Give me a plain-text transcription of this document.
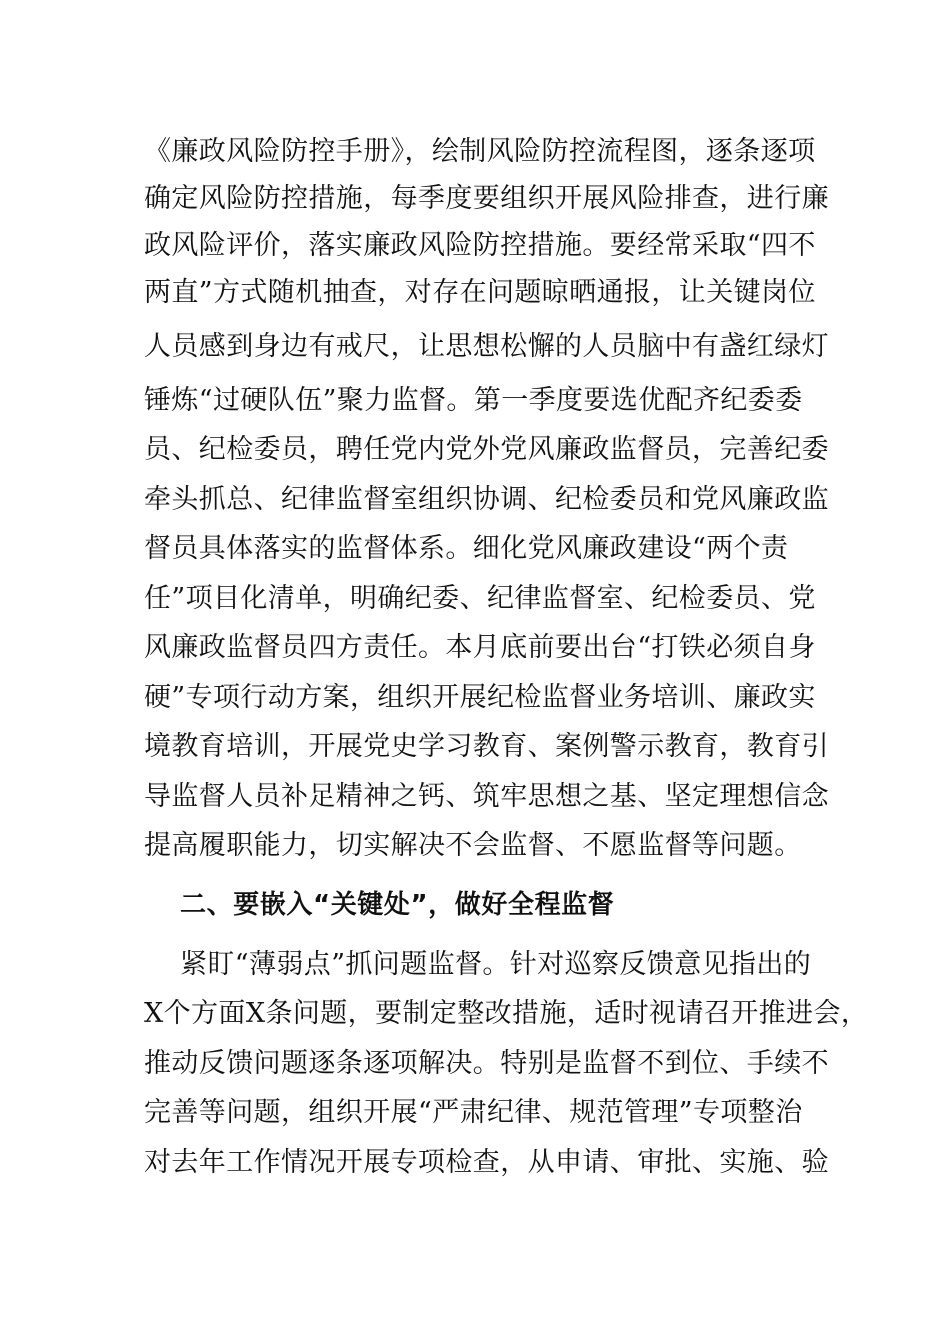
《廉政风险防控手册》，绘制风险防控流程图，逐条逐项
确定风险防控措施，每季度要组织开展风险排查，进行廉
政风险评价，落实廉政风险防控措施。要经常采取“四不
两直”方式随机抽查，对存在问题晾晒通报，让关键岗位
人员感到身边有戒尺，让思想松懈的人员脑中有盏红绿灯
锤炼“过硬队伍”聚力监督。第一季度要选优配齐纪委委
员、纪检委员，聘任党内党外党风廉政监督员，完善纪委
牵头抓总、纪律监督室组织协调、纪检委员和党风廉政监
督员具体落实的监督体系。细化党风廉政建设“两个责
任”项目化清单，明确纪委、纪律监督室、纪检委员、党
风廉政监督员四方责任。本月底前要出台“打铁必须自身
硬”专项行动方案，组织开展纪检监督业务培训、廉政实
境教育培训，开展党史学习教育、案例警示教育，教育引
导监督人员补足精神之钙、筑牢思想之基、坚定理想信念
提高履职能力，切实解决不会监督、不愿监督等问题。
二、要嵌入“关键处”，做好全程监督
紧盯“薄弱点”抓问题监督。针对巡察反馈意见指出的
X个方面X条问题，要制定整改措施，适时视请召开推进会，
推动反馈问题逐条逐项解决。特别是监督不到位、手续不
完善等问题，组织开展“严肃纪律、规范管理”专项整治
对去年工作情况开展专项检查，从申请、审批、实施、验
